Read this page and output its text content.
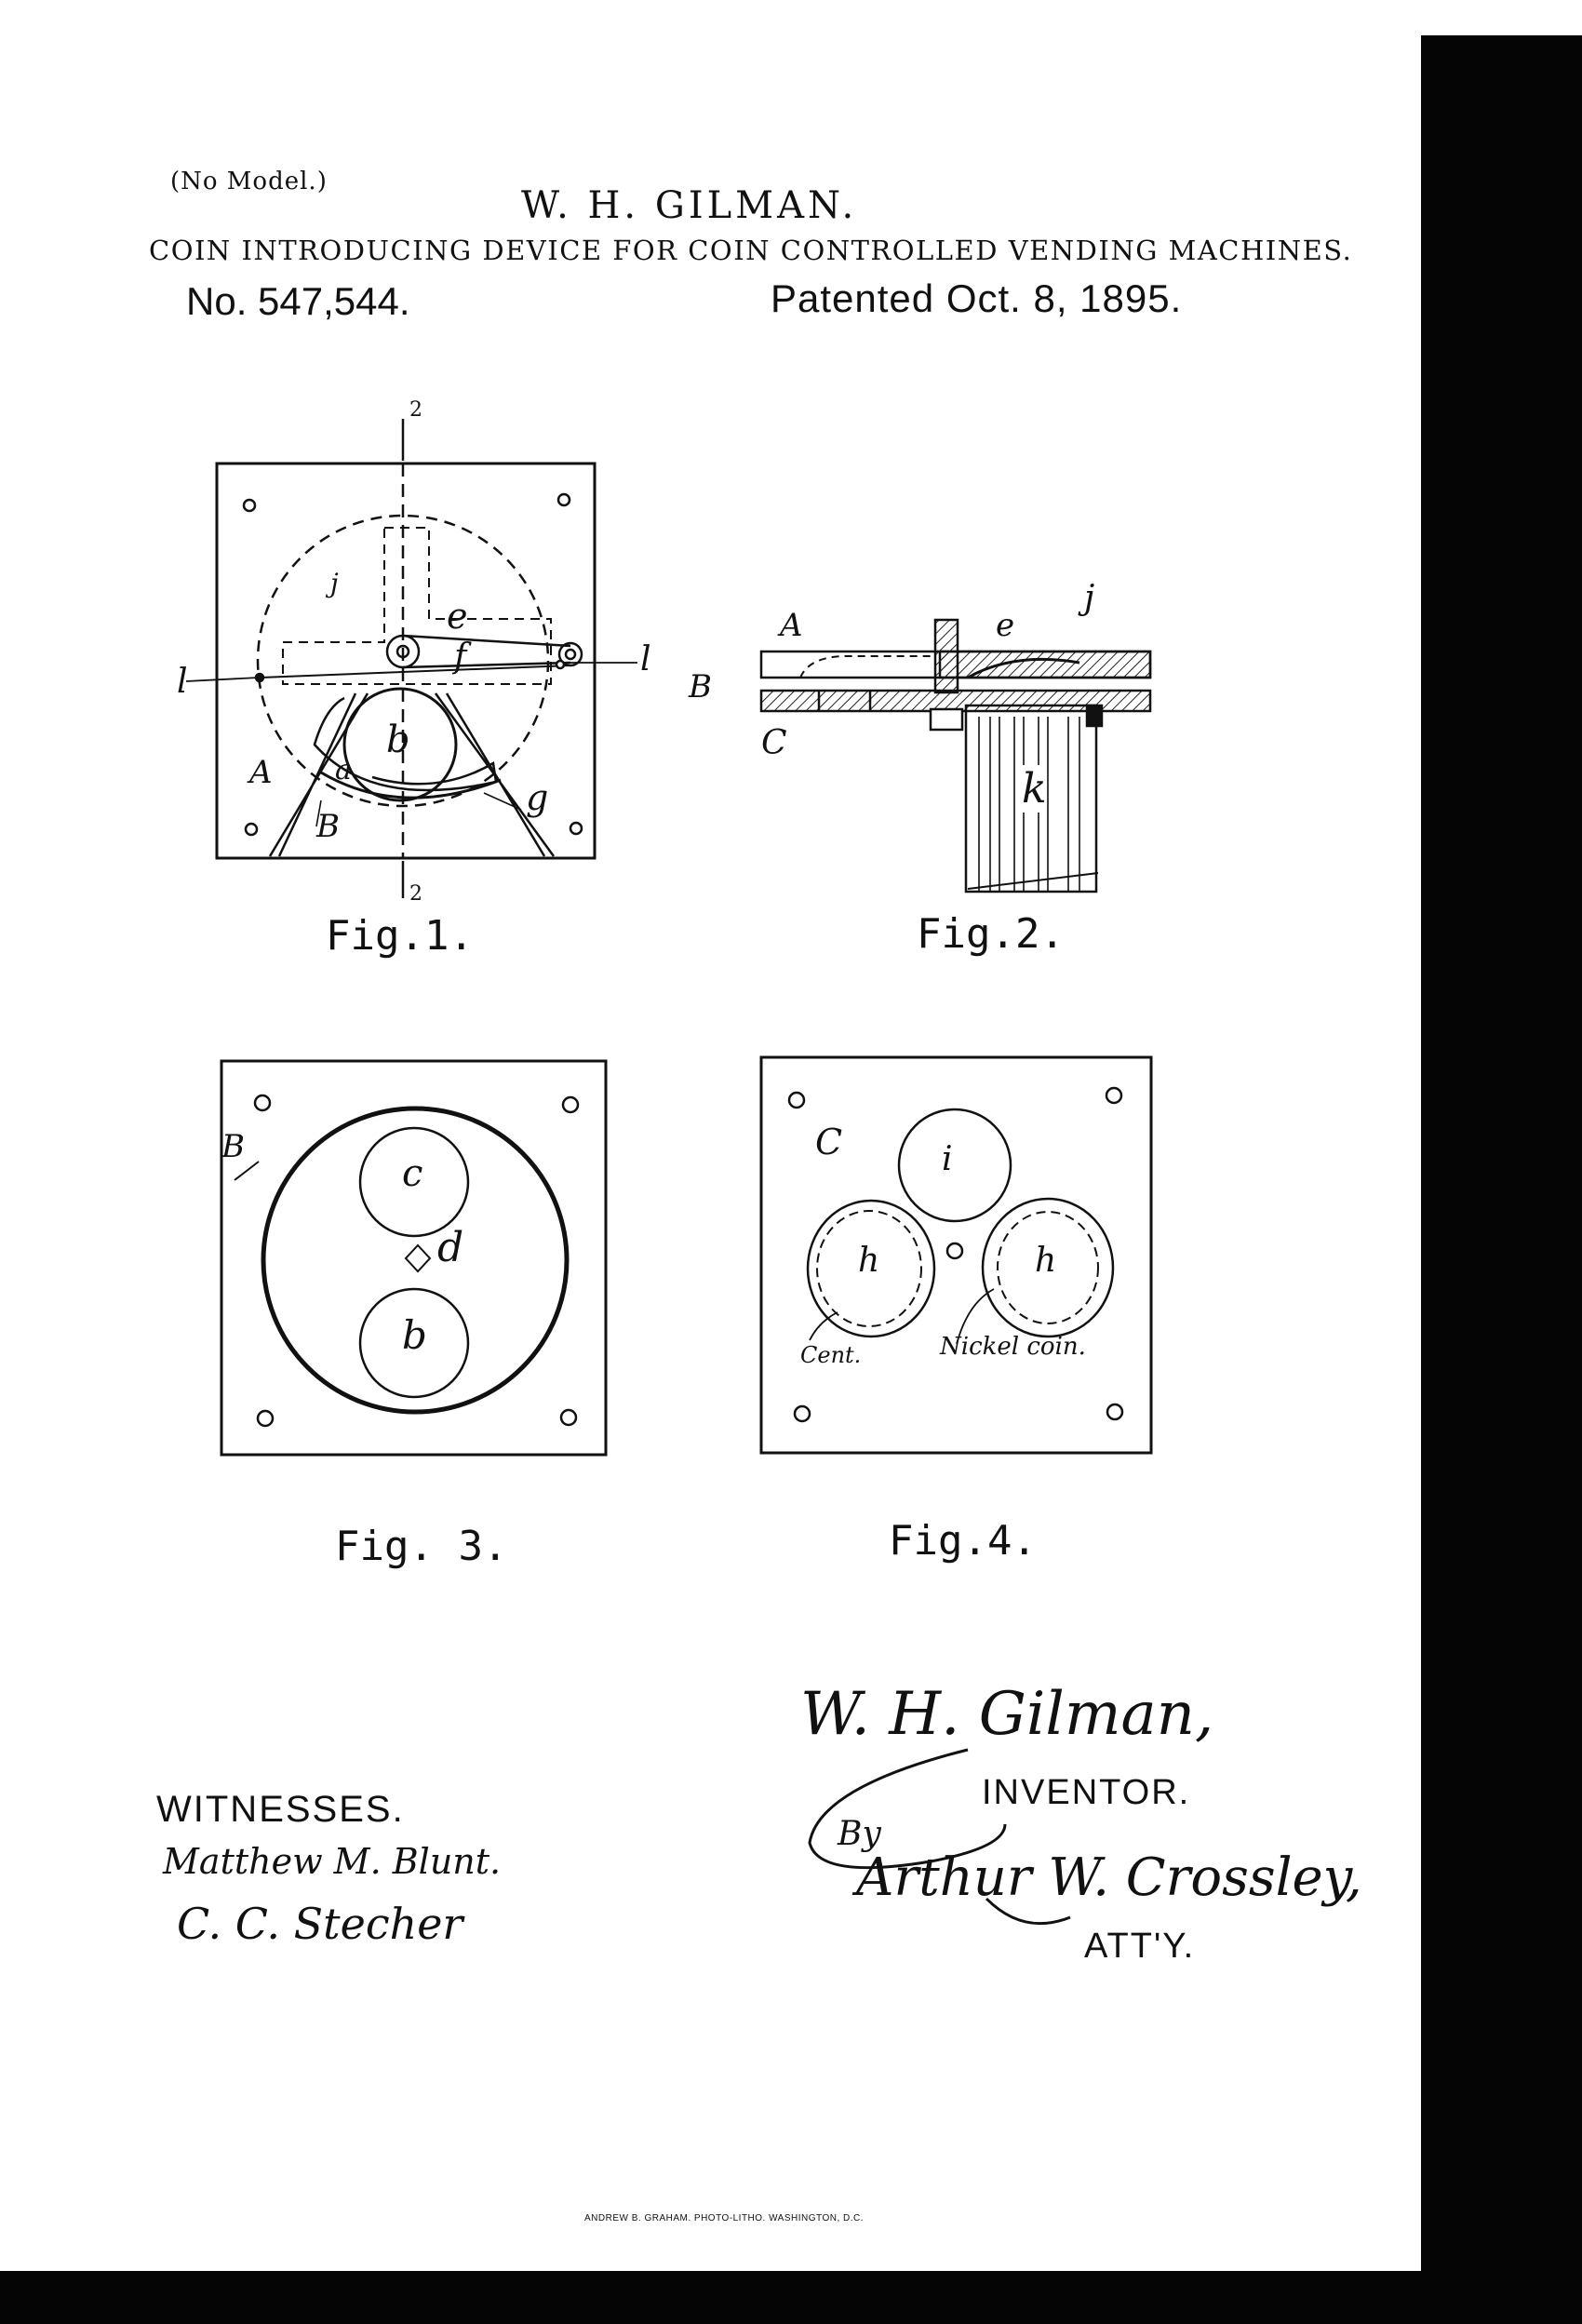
(No Model.)
W. H. GILMAN.
COIN INTRODUCING DEVICE FOR COIN CONTROLLED VENDING MACHINES.
No. 547,544.	Patented Oct. 8, 1895.
2
2
e
f
j
l
l
b
a
A
B
g
Fig.1.
A	e
j
B
C
k
Fig.2.
B
c
d
b
Fig. 3.
C	i
h	h
Cent.	Nickel coin.
Fig.4.
WITNESSES.
Matthew M. Blunt.
C. C. Stecher
W. H. Gilman,
INVENTOR.
By
Arthur W. Crossley,
ATT'Y.
ANDREW B. GRAHAM. PHOTO-LITHO. WASHINGTON, D.C.
